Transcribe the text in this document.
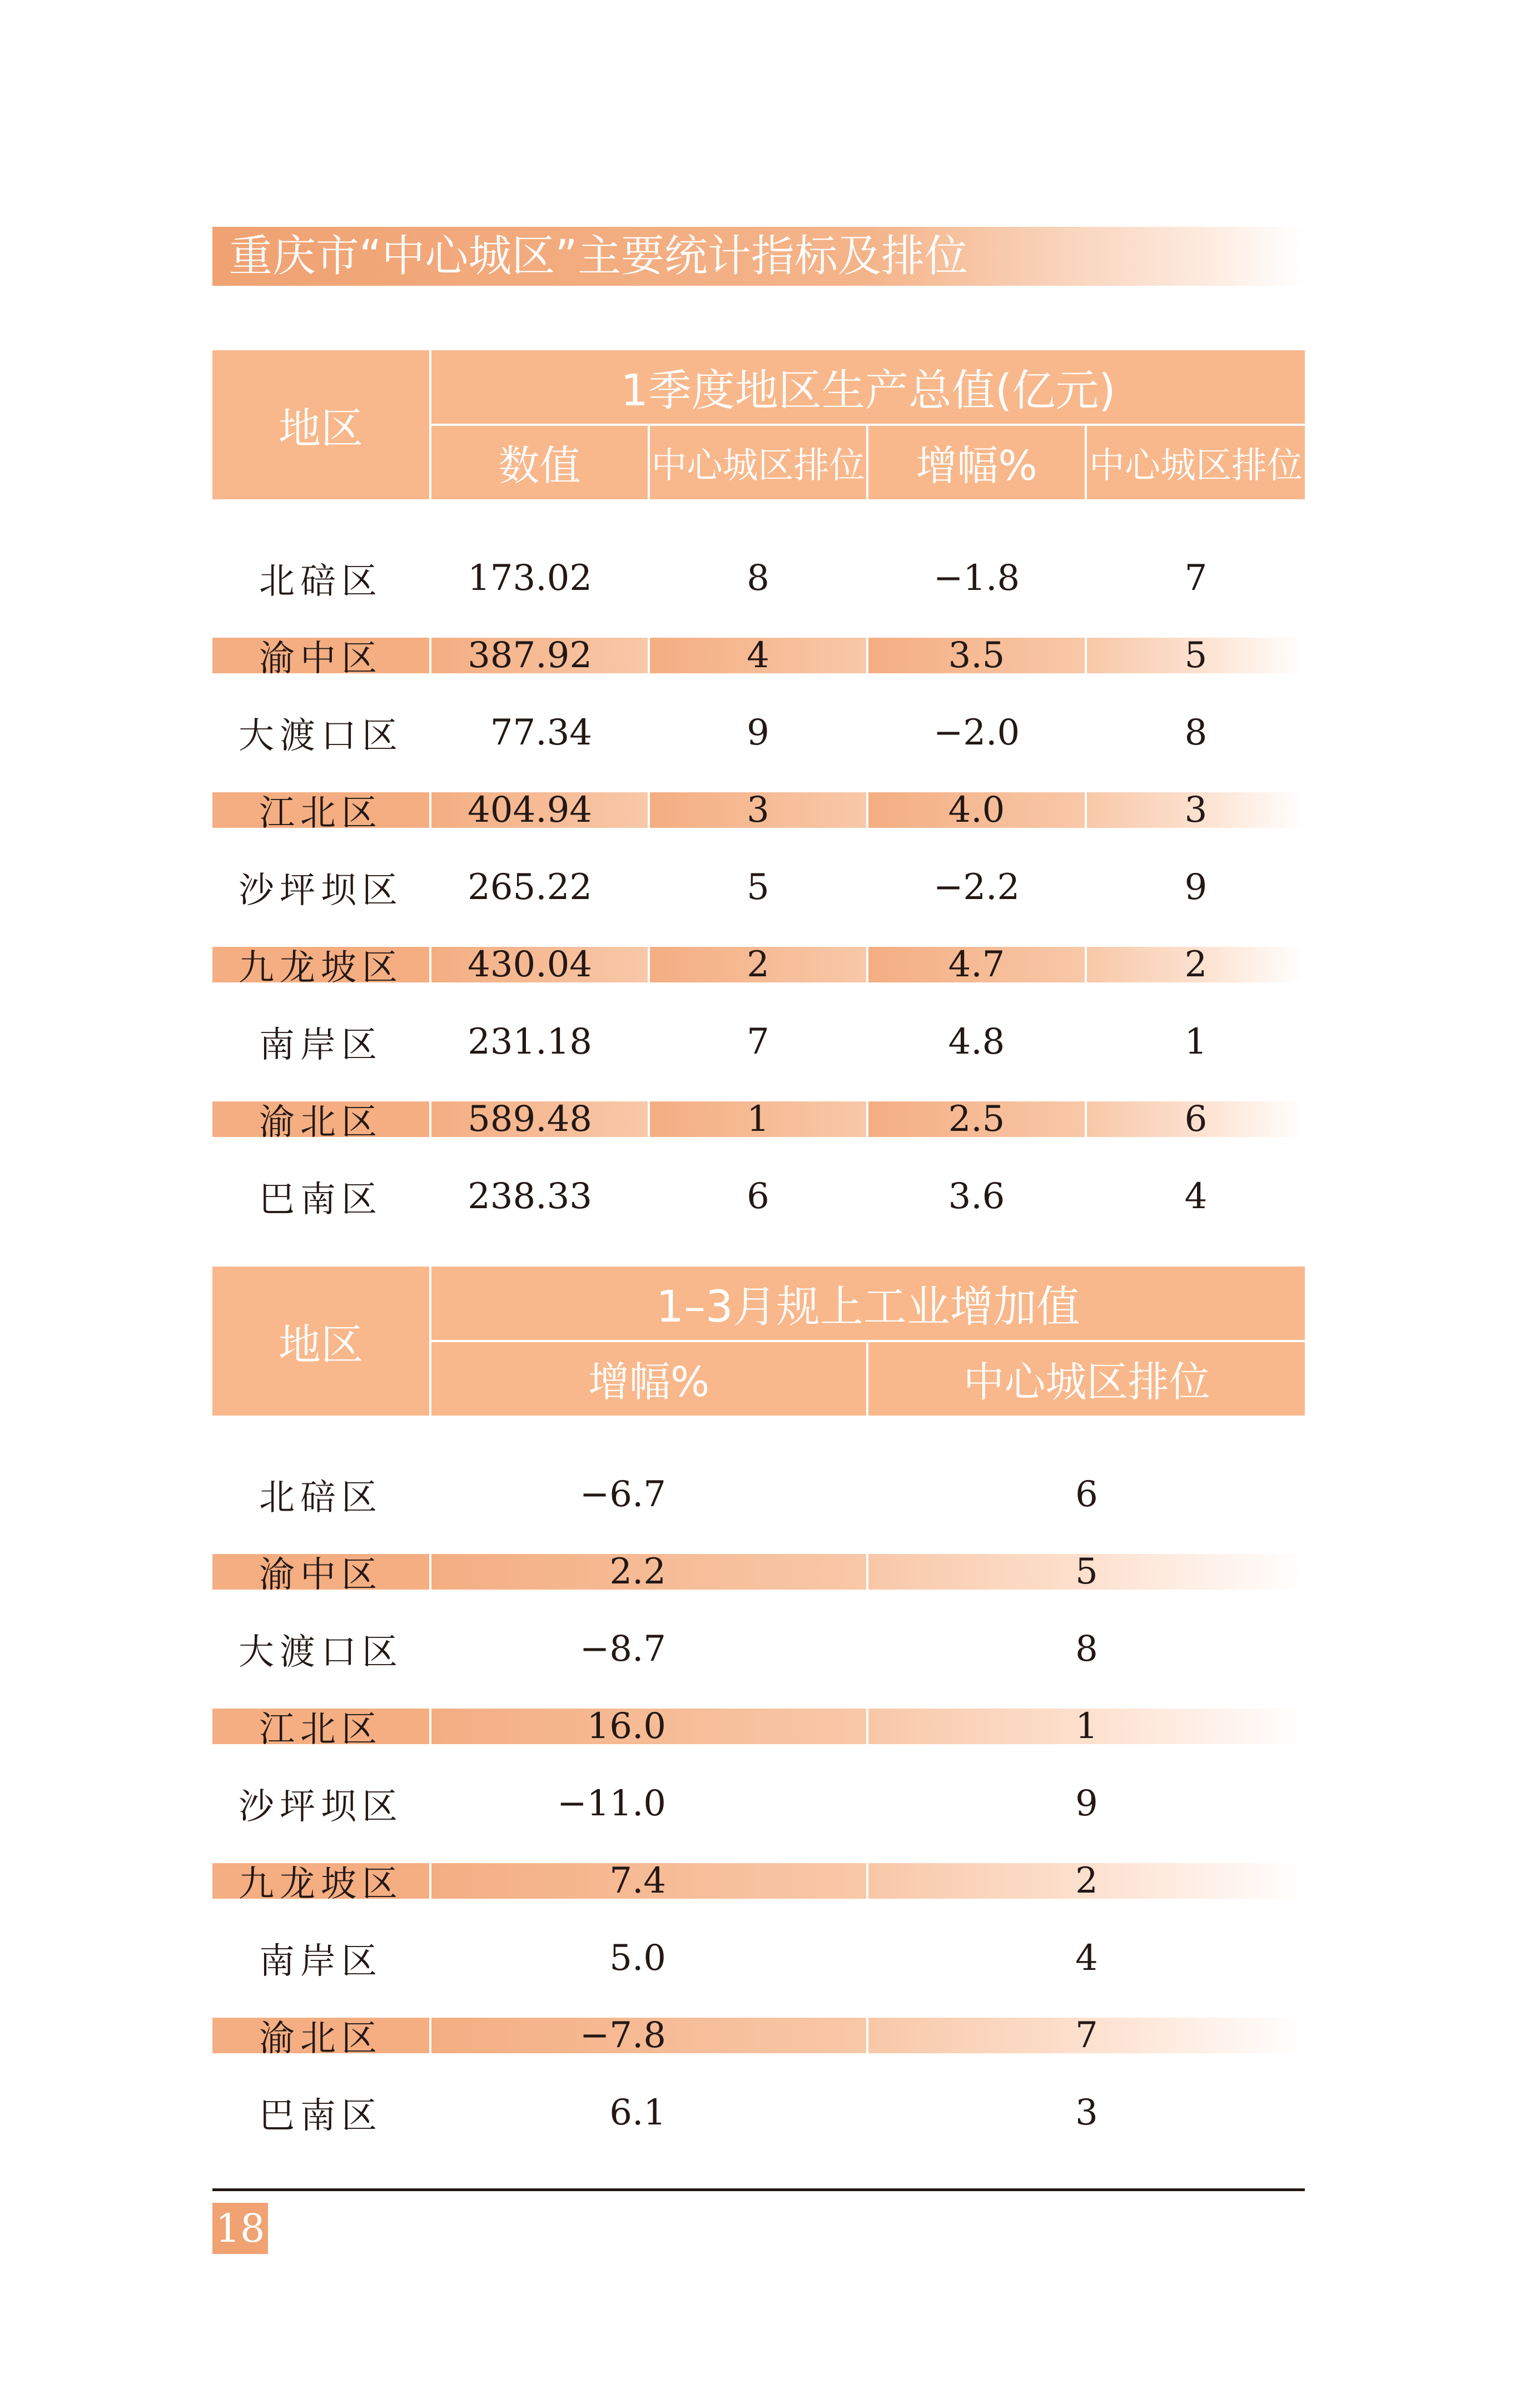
重庆市“中心城区”主要统计指标及排位
地区	1季度地区生产总值(亿元)			
	数值	中心城区排位	增幅%	中心城区排位

北碚区	173.02	8	−1.8	7
渝中区	387.92	4	3.5	5
大渡口区	77.34	9	−2.0	8
江北区	404.94	3	4.0	3
沙坪坝区	265.22	5	−2.2	9
九龙坡区	430.04	2	4.7	2
南岸区	231.18	7	4.8	1
渝北区	589.48	1	2.5	6
巴南区	238.33	6	3.6	4
地区	1–3月规上工业增加值	
	增幅%	中心城区排位

北碚区	−6.7	6
渝中区	2.2	5
大渡口区	−8.7	8
江北区	16.0	1
沙坪坝区	−11.0	9
九龙坡区	7.4	2
南岸区	5.0	4
渝北区	−7.8	7
巴南区	6.1	3
18
